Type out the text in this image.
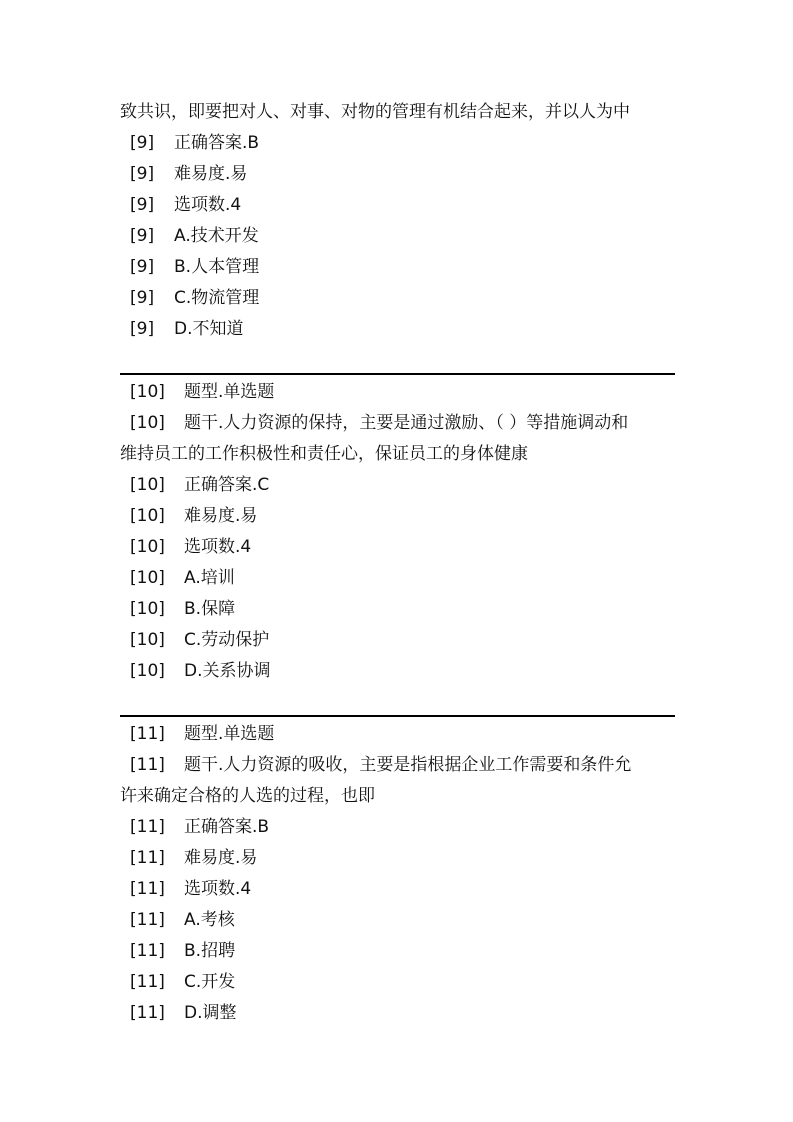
致共识，即要把对人、对事、对物的管理有机结合起来，并以人为中
[9] 正确答案.B
[9] 难易度.易
[9] 选项数.4
[9] A.技术开发
[9] B.人本管理
[9] C.物流管理
[9] D.不知道
[10] 题型.单选题
[10] 题干.人力资源的保持，主要是通过激励、（ ）等措施调动和
维持员工的工作积极性和责任心，保证员工的身体健康
[10] 正确答案.C
[10] 难易度.易
[10] 选项数.4
[10] A.培训
[10] B.保障
[10] C.劳动保护
[10] D.关系协调
[11] 题型.单选题
[11] 题干.人力资源的吸收，主要是指根据企业工作需要和条件允
许来确定合格的人选的过程，也即
[11] 正确答案.B
[11] 难易度.易
[11] 选项数.4
[11] A.考核
[11] B.招聘
[11] C.开发
[11] D.调整
